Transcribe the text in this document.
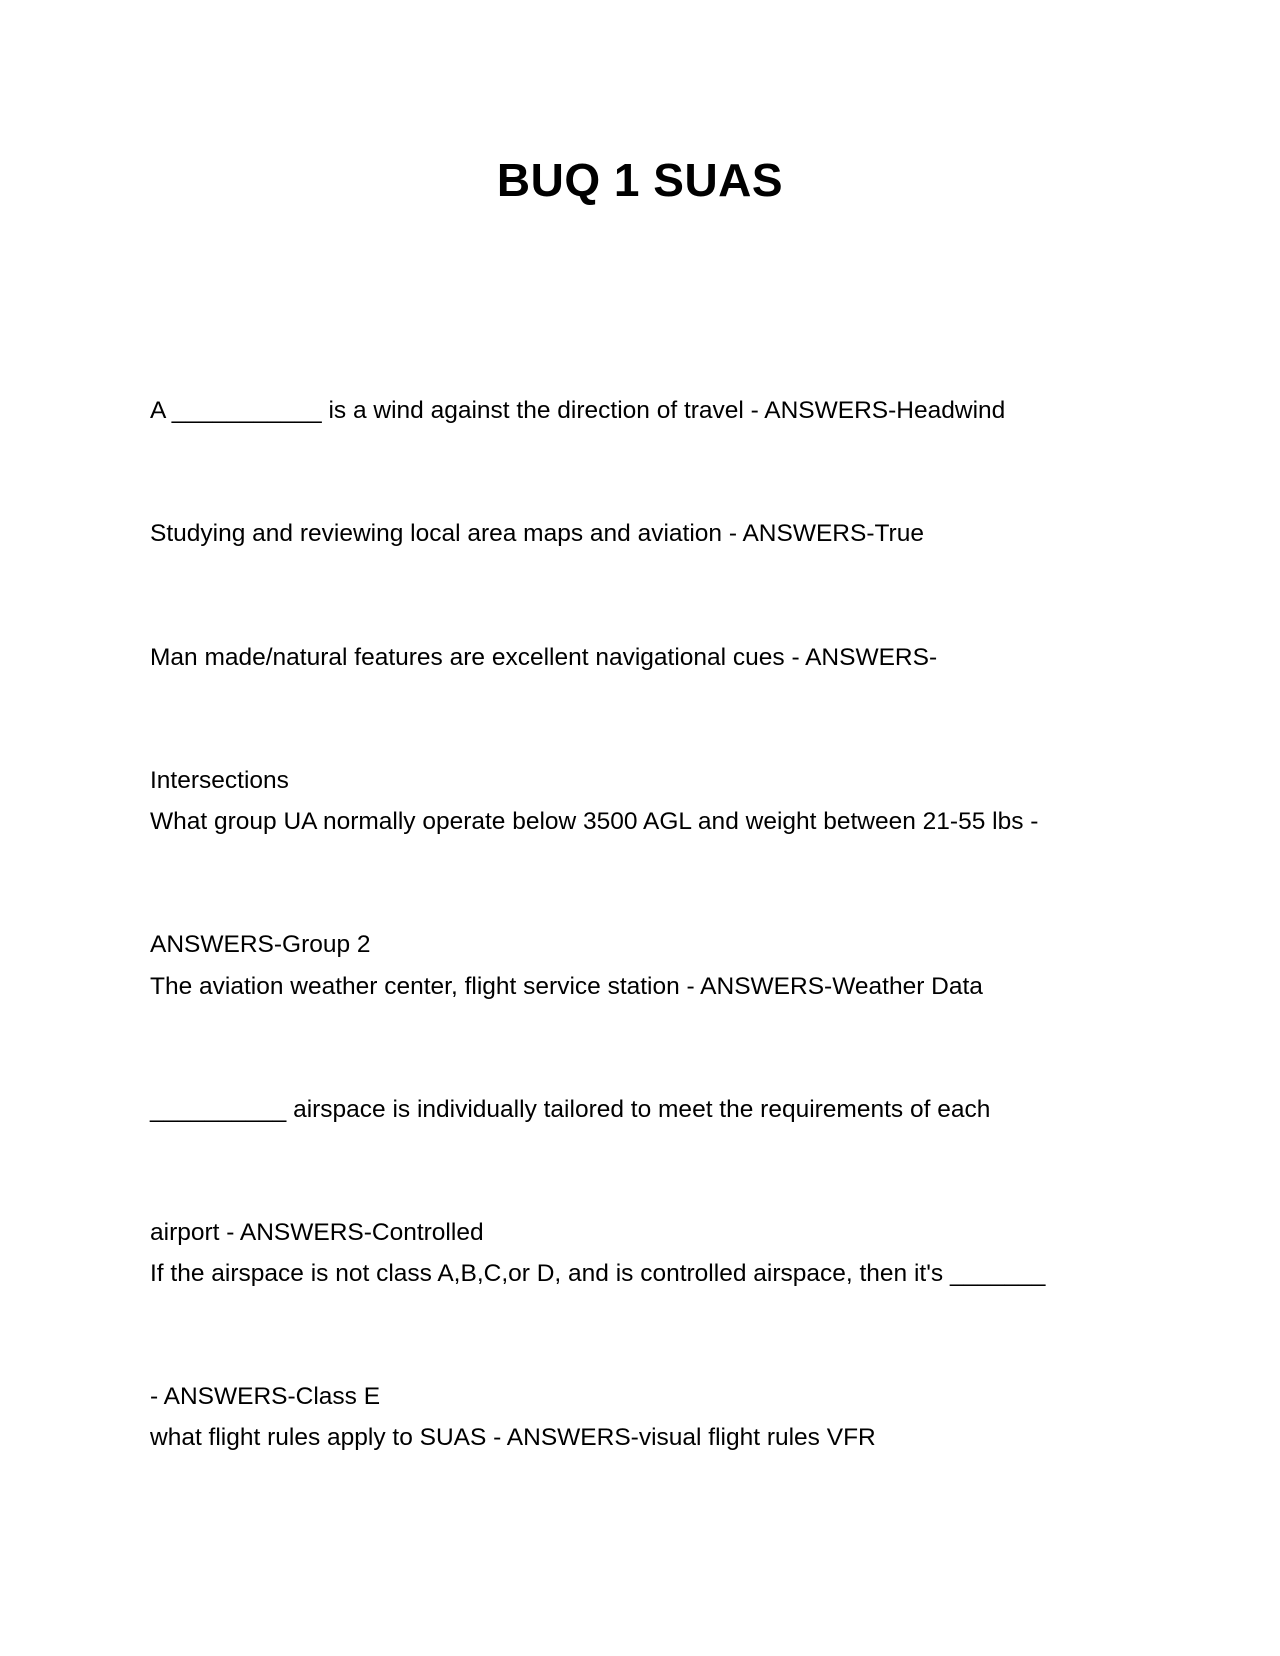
BUQ 1 SUAS

A ___________ is a wind against the direction of travel - ANSWERS-Headwind

Studying and reviewing local area maps and aviation - ANSWERS-True

Man made/natural features are excellent navigational cues - ANSWERS-

Intersections

What group UA normally operate below 3500 AGL and weight between 21-55 lbs -

ANSWERS-Group 2

The aviation weather center, flight service station - ANSWERS-Weather Data

__________ airspace is individually tailored to meet the requirements of each

airport - ANSWERS-Controlled

If the airspace is not class A,B,C,or D, and is controlled airspace, then it's _______

- ANSWERS-Class E

what flight rules apply to SUAS - ANSWERS-visual flight rules VFR
